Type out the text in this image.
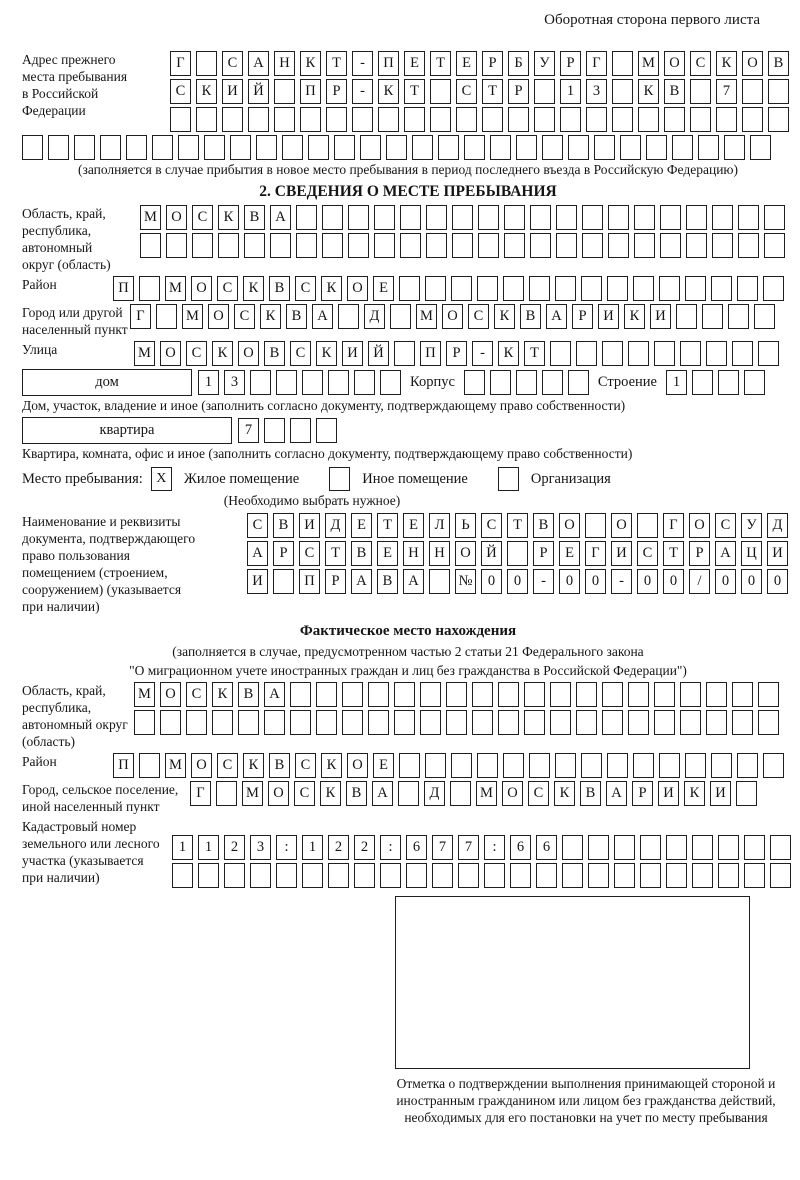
Оборотная сторона первого листа
Адрес прежнего
места пребывания
в Российской
Федерации
Г	С	А	Н	К	Т	-	П	Е	Т	Е	Р	Б	У	Р	Г	М О	С	К	О	В
С	К	И	Й	П	Р	-	К	Т	С	Т	Р	1	3	К	В	7
(заполняется в случае прибытия в новое место пребывания в период последнего въезда в Российскую Федерацию)
2. СВЕДЕНИЯ О МЕСТЕ ПРЕБЫВАНИЯ
Область, край,
республика,
автономный
округ (область)
М О	С	К	В	А
Район	П	М О	С	К	В	С	К	О	Е
Город или другой
населенный пункт
Г	М О	С	К	В	А	Д	М О	С	К	В	А	Р	И	К	И
Улица	М О	С	К	О	В	С	К	И	Й	П	Р	-	К	Т
дом	1	3	Корпус	Строение	1
Дом, участок, владение и иное (заполнить согласно документу, подтверждающему право собственности)
квартира	7
Квартира, комната, офис и иное (заполнить согласно документу, подтверждающему право собственности)
Место пребывания: X	Жилое помещение	Иное помещение	Организация
(Необходимо выбрать нужное)
Наименование и реквизиты
документа, подтверждающего
право пользования
помещением (строением,
сооружением) (указывается
при наличии)
С	В	И	Д	Е	Т	Е	Л	Ь	С	Т	В	О	О	Г	О	С	У	Д
А	Р	С	Т	В	Е	Н	Н	О	Й	Р	Е	Г	И	С	Т	Р	А	Ц	И
И	П	Р	А	В	А	№	0	0	-	0	0	-	0	0	/	0	0	0
Фактическое место нахождения
(заполняется в случае, предусмотренном частью 2 статьи 21 Федерального закона
"О миграционном учете иностранных граждан и лиц без гражданства в Российской Федерации")
Область, край,
республика,
автономный округ
(область)
М О	С	К	В	А
Район	П	М О	С	К	В	С	К	О	Е
Город, сельское поселение,
иной населенный пункт
Г	М О	С	К	В	А	Д	М О	С	К	В	А	Р	И	К	И
Кадастровый номер
земельного или лесного
участка (указывается
при наличии)
1	1	2	3	:	1	2	2	:	6	7	7	:	6	6
Отметка о подтверждении выполнения принимающей стороной и иностранным гражданином или лицом без гражданства действий, необходимых для его постановки на учет по месту пребывания
